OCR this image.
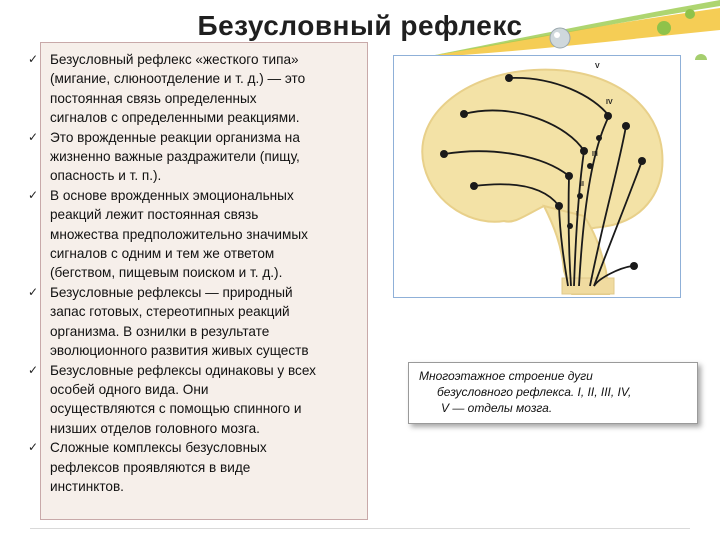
Безусловный рефлекс
✓ Безусловный рефлекс «жесткого типа»
(мигание, слюноотделение и т. д.) — это
постоянная связь определенных
сигналов с определенными реакциями.
✓ Это врожденные реакции организма на
жизненно важные раздражители (пищу,
опасность и т. п.).
✓ В основе врожденных эмоциональных
реакций лежит постоянная связь
множества предположительно значимых
сигналов с одним и тем же ответом
(бегством, пищевым поиском и т. д.).
✓ Безусловные рефлексы — природный
запас готовых, стереотипных реакций
организма. В ознилки в результате
эволюционного развития живых существ
✓ Безусловные рефлексы одинаковы у всех
особей одного вида. Они
осуществляются с помощью спинного и
низших отделов головного мозга.
✓ Сложные комплексы безусловных
рефлексов проявляются в виде
инстинктов.
V
IV
III
II
I
Многоэтажное строение дуги
безусловного рефлекса. I, II, III, IV,
V — отделы мозга.
